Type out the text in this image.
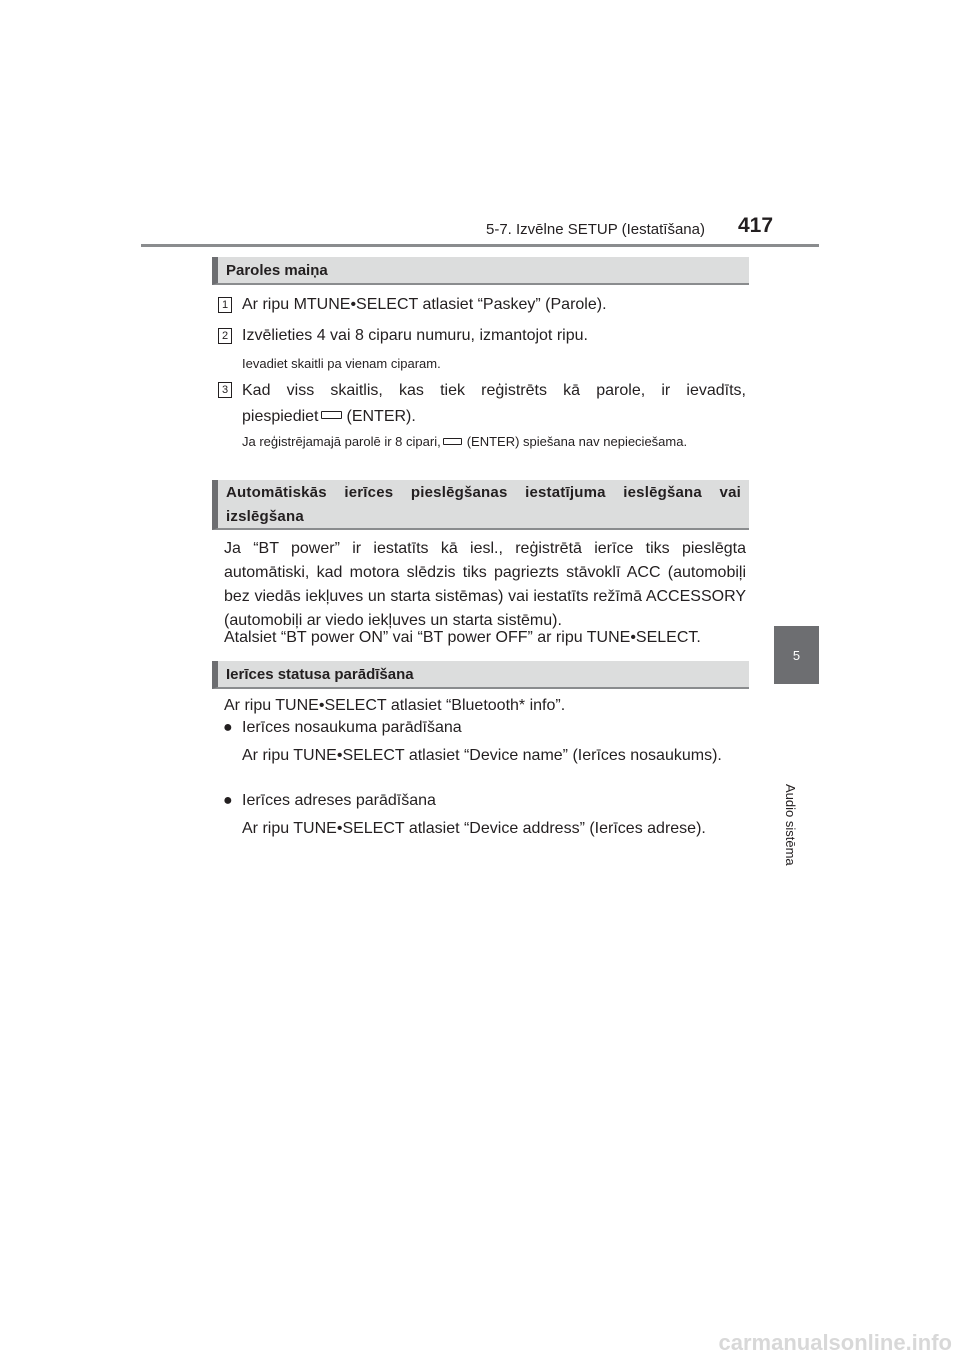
5-7. Izvēlne SETUP (Iestatīšana) 417
5
Audio sistēma
Paroles maiņa
1 Ar ripu MTUNE•SELECT atlasiet “Paskey” (Parole).
2 Izvēlieties 4 vai 8 ciparu numuru, izmantojot ripu.
Ievadiet skaitli pa vienam ciparam.
3 Kad viss skaitlis, kas tiek reģistrēts kā parole, ir ievadīts,
piespiediet (ENTER).
Ja reģistrējamajā parolē ir 8 cipari, (ENTER) spiešana nav nepieciešama.
Automātiskās ierīces pieslēgšanas iestatījuma ieslēgšana vai izslēgšana
Ja “BT power” ir iestatīts kā iesl., reģistrētā ierīce tiks pieslēgta automātiski, kad motora slēdzis tiks pagriezts stāvoklī ACC (automobiļi bez viedās iekļuves un starta sistēmas) vai iestatīts režīmā ACCESSORY (automobiļi ar viedo iekļuves un starta sistēmu).
Atalsiet “BT power ON” vai “BT power OFF” ar ripu TUNE•SELECT.
Ierīces statusa parādīšana
Ar ripu TUNE•SELECT atlasiet “Bluetooth* info”.
● Ierīces nosaukuma parādīšana
Ar ripu TUNE•SELECT atlasiet “Device name” (Ierīces nosaukums).
● Ierīces adreses parādīšana
Ar ripu TUNE•SELECT atlasiet “Device address” (Ierīces adrese).
carmanualsonline.info
